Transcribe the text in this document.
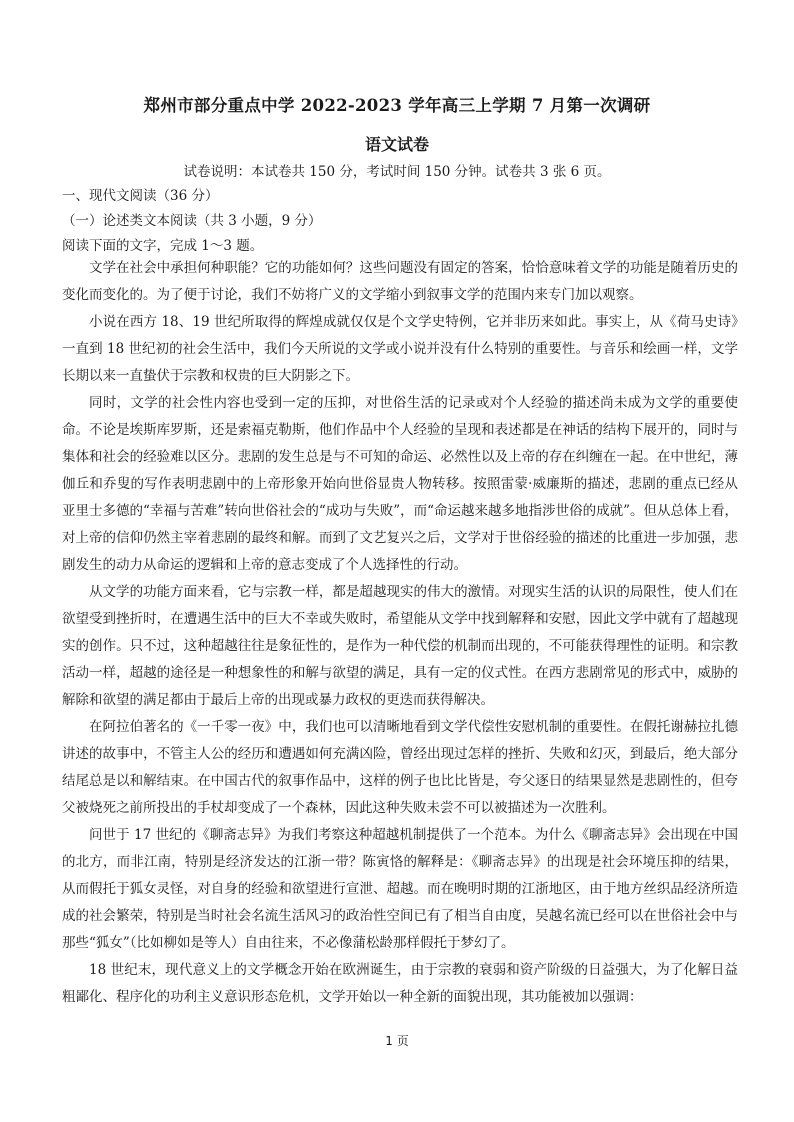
郑州市部分重点中学 2022-2023 学年高三上学期 7 月第一次调研
语文试卷
试卷说明：本试卷共 150 分，考试时间 150 分钟。试卷共 3 张 6 页。
一、现代文阅读（36 分）
（一）论述类文本阅读（共 3 小题，9 分）
阅读下面的文字，完成 1～3 题。

文学在社会中承担何种职能？它的功能如何？这些问题没有固定的答案，恰恰意味着文学的功能是随着历史的变化而变化的。为了便于讨论，我们不妨将广义的文学缩小到叙事文学的范围内来专门加以观察。

小说在西方 18、19 世纪所取得的辉煌成就仅仅是个文学史特例，它并非历来如此。事实上，从《荷马史诗》一直到 18 世纪初的社会生活中，我们今天所说的文学或小说并没有什么特别的重要性。与音乐和绘画一样，文学长期以来一直蛰伏于宗教和权贵的巨大阴影之下。

同时，文学的社会性内容也受到一定的压抑，对世俗生活的记录或对个人经验的描述尚未成为文学的重要使命。不论是埃斯库罗斯，还是索福克勒斯，他们作品中个人经验的呈现和表述都是在神话的结构下展开的，同时与集体和社会的经验难以区分。悲剧的发生总是与不可知的命运、必然性以及上帝的存在纠缠在一起。在中世纪，薄伽丘和乔叟的写作表明悲剧中的上帝形象开始向世俗显贵人物转移。按照雷蒙·威廉斯的描述，悲剧的重点已经从亚里士多德的“幸福与苦难”转向世俗社会的“成功与失败”，而“命运越来越多地指涉世俗的成就”。但从总体上看，对上帝的信仰仍然主宰着悲剧的最终和解。而到了文艺复兴之后，文学对于世俗经验的描述的比重进一步加强，悲剧发生的动力从命运的逻辑和上帝的意志变成了个人选择性的行动。

从文学的功能方面来看，它与宗教一样，都是超越现实的伟大的激情。对现实生活的认识的局限性，使人们在欲望受到挫折时，在遭遇生活中的巨大不幸或失败时，希望能从文学中找到解释和安慰，因此文学中就有了超越现实的创作。只不过，这种超越往往是象征性的，是作为一种代偿的机制而出现的，不可能获得理性的证明。和宗教活动一样，超越的途径是一种想象性的和解与欲望的满足，具有一定的仪式性。在西方悲剧常见的形式中，威胁的解除和欲望的满足都由于最后上帝的出现或暴力政权的更迭而获得解决。

在阿拉伯著名的《一千零一夜》中，我们也可以清晰地看到文学代偿性安慰机制的重要性。在假托谢赫拉扎德讲述的故事中，不管主人公的经历和遭遇如何充满凶险，曾经出现过怎样的挫折、失败和幻灭，到最后，绝大部分结尾总是以和解结束。在中国古代的叙事作品中，这样的例子也比比皆是，夸父逐日的结果显然是悲剧性的，但夸父被烧死之前所投出的手杖却变成了一个森林，因此这种失败未尝不可以被描述为一次胜利。

问世于 17 世纪的《聊斋志异》为我们考察这种超越机制提供了一个范本。为什么《聊斋志异》会出现在中国的北方，而非江南，特别是经济发达的江浙一带？陈寅恪的解释是：《聊斋志异》的出现是社会环境压抑的结果，从而假托于狐女灵怪，对自身的经验和欲望进行宣泄、超越。而在晚明时期的江浙地区，由于地方丝织品经济所造成的社会繁荣，特别是当时社会名流生活风习的政治性空间已有了相当自由度，吴越名流已经可以在世俗社会中与那些“狐女”（比如柳如是等人）自由往来，不必像蒲松龄那样假托于梦幻了。

18 世纪末，现代意义上的文学概念开始在欧洲诞生，由于宗教的衰弱和资产阶级的日益强大，为了化解日益粗鄙化、程序化的功利主义意识形态危机，文学开始以一种全新的面貌出现，其功能被加以强调：

1 页
